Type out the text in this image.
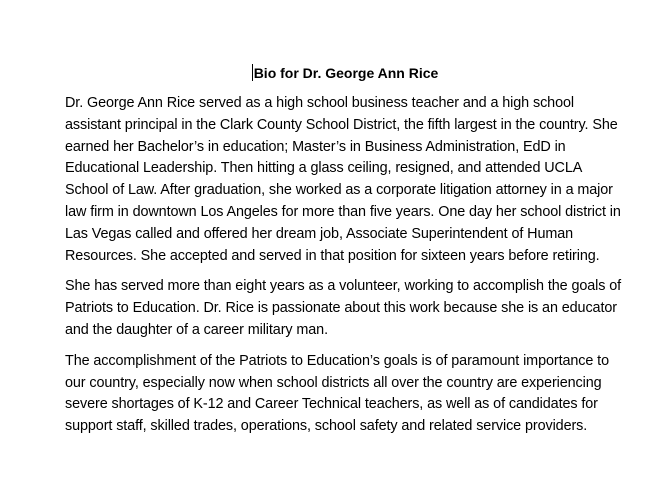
Bio for Dr. George Ann Rice

Dr. George Ann Rice served as a high school business teacher and a high school assistant principal in the Clark County School District, the fifth largest in the country. She earned her Bachelor’s in education; Master’s in Business Administration, EdD in Educational Leadership. Then hitting a glass ceiling, resigned, and attended UCLA School of Law. After graduation, she worked as a corporate litigation attorney in a major law firm in downtown Los Angeles for more than five years. One day her school district in Las Vegas called and offered her dream job, Associate Superintendent of Human Resources. She accepted and served in that position for sixteen years before retiring.

She has served more than eight years as a volunteer, working to accomplish the goals of Patriots to Education. Dr. Rice is passionate about this work because she is an educator and the daughter of a career military man.

The accomplishment of the Patriots to Education’s goals is of paramount importance to our country, especially now when school districts all over the country are experiencing severe shortages of K-12 and Career Technical teachers, as well as of candidates for support staff, skilled trades, operations, school safety and related service providers.
